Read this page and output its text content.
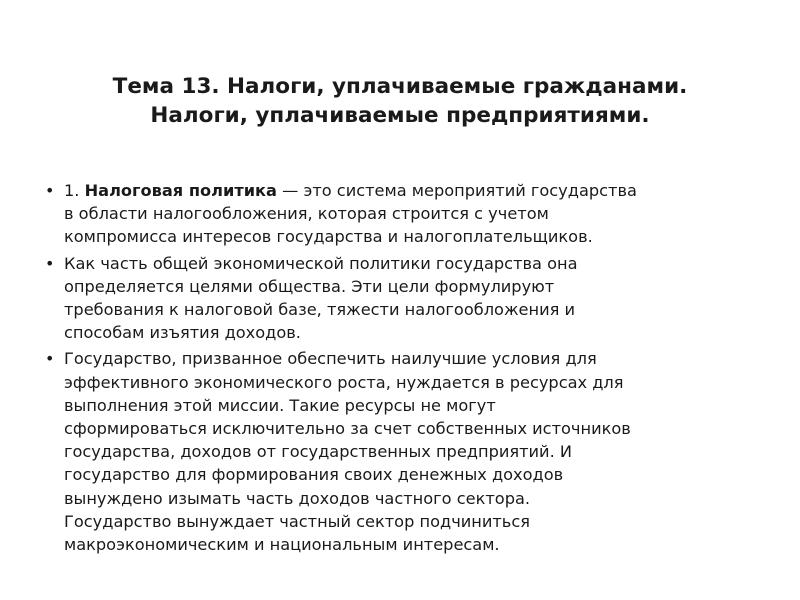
Тема 13. Налоги, уплачиваемые гражданами.
Налоги, уплачиваемые предприятиями.
• 1. Налоговая политика — это система мероприятий государства
в области налогообложения, которая строится с учетом
компромисса интересов государства и налогоплательщиков.
• Как часть общей экономической политики государства она
определяется целями общества. Эти цели формулируют
требования к налоговой базе, тяжести налогообложения и
способам изъятия доходов.
• Государство, призванное обеспечить наилучшие условия для
эффективного экономического роста, нуждается в ресурсах для
выполнения этой миссии. Такие ресурсы не могут
сформироваться исключительно за счет собственных источников
государства, доходов от государственных предприятий. И
государство для формирования своих денежных доходов
вынуждено изымать часть доходов частного сектора.
Государство вынуждает частный сектор подчиниться
макроэкономическим и национальным интересам.
